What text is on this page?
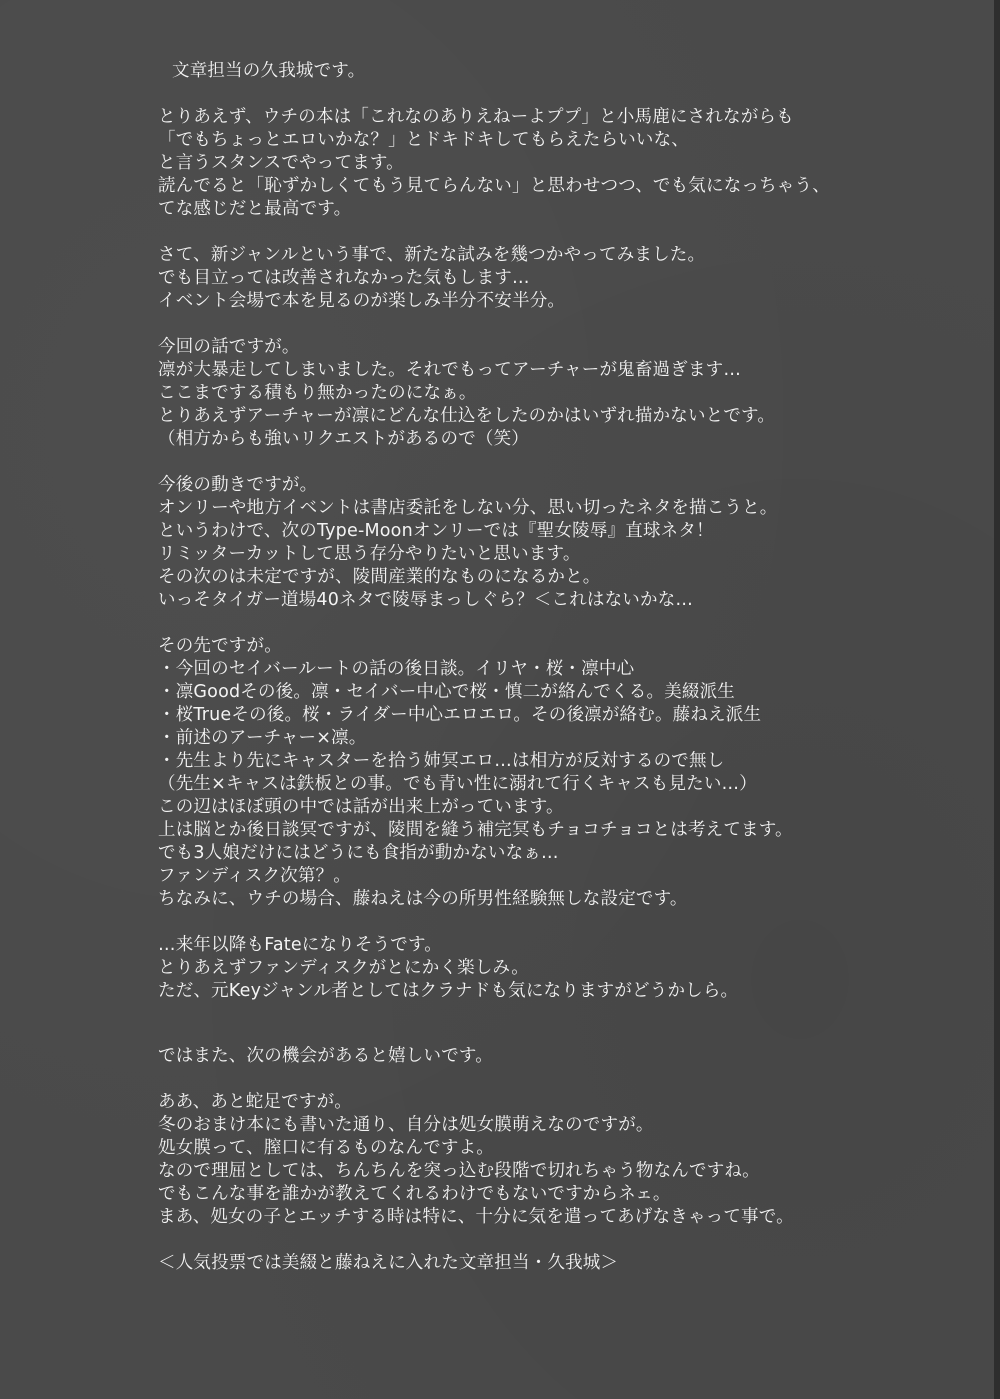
文章担当の久我城です。
とりあえず、ウチの本は「これなのありえねーよププ」と小馬鹿にされながらも
「でもちょっとエロいかな？」とドキドキしてもらえたらいいな、
と言うスタンスでやってます。
読んでると「恥ずかしくてもう見てらんない」と思わせつつ、でも気になっちゃう、
てな感じだと最高です。
さて、新ジャンルという事で、新たな試みを幾つかやってみました。
でも目立っては改善されなかった気もします…
イベント会場で本を見るのが楽しみ半分不安半分。
今回の話ですが。
凛が大暴走してしまいました。それでもってアーチャーが鬼畜過ぎます…
ここまでする積もり無かったのになぁ。
とりあえずアーチャーが凛にどんな仕込をしたのかはいずれ描かないとです。
（相方からも強いリクエストがあるので（笑）
今後の動きですが。
オンリーや地方イベントは書店委託をしない分、思い切ったネタを描こうと。
というわけで、次のType-Moonオンリーでは『聖女陵辱』直球ネタ！
リミッターカットして思う存分やりたいと思います。
その次のは未定ですが、陵間産業的なものになるかと。
いっそタイガー道場40ネタで陵辱まっしぐら？＜これはないかな…
その先ですが。
・今回のセイバールートの話の後日談。イリヤ・桜・凛中心
・凛Goodその後。凛・セイバー中心で桜・慎二が絡んでくる。美綴派生
・桜Trueその後。桜・ライダー中心エロエロ。その後凛が絡む。藤ねえ派生
・前述のアーチャー×凛。
・先生より先にキャスターを拾う姉冥エロ…は相方が反対するので無し
（先生×キャスは鉄板との事。でも青い性に溺れて行くキャスも見たい…）
この辺はほぼ頭の中では話が出来上がっています。
上は脳とか後日談冥ですが、陵間を縫う補完冥もチョコチョコとは考えてます。
でも3人娘だけにはどうにも食指が動かないなぁ…
ファンディスク次第？。
ちなみに、ウチの場合、藤ねえは今の所男性経験無しな設定です。
…来年以降もFateになりそうです。
とりあえずファンディスクがとにかく楽しみ。
ただ、元Keyジャンル者としてはクラナドも気になりますがどうかしら。
ではまた、次の機会があると嬉しいです。
ああ、あと蛇足ですが。
冬のおまけ本にも書いた通り、自分は処女膜萌えなのですが。
処女膜って、膣口に有るものなんですよ。
なので理屈としては、ちんちんを突っ込む段階で切れちゃう物なんですね。
でもこんな事を誰かが教えてくれるわけでもないですからネェ。
まあ、処女の子とエッチする時は特に、十分に気を遣ってあげなきゃって事で。
＜人気投票では美綴と藤ねえに入れた文章担当・久我城＞
